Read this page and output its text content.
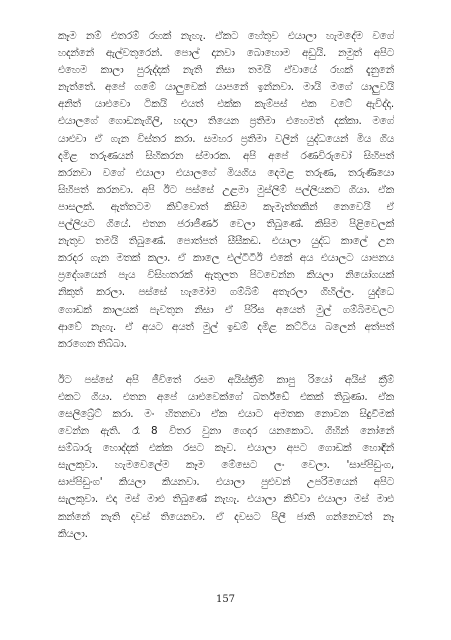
කෑම නම් එතරම් රහක් නැහැ. ඒකට හේතුව එයාලා හැමදේම වගේ
හදන්නේ ඇල්වතුරෙන්. පොල් දානවා බොහොම අඩුයි. නමුත් අපිට
එහෙම කාලා පුරුද්දක් නැති නිසා තමයි ඒවායේ රහක් දැනුනේ
නැත්තේ. අපේ ගමේ යාලුවෙක් යාපනේ ඉන්නවා. මායි මගේ යාලුවයි
අනිත් යාළුවො ටිකයි එයත් එක්ක කැම්පස් එක වටේ ඇවිද්දා.
එයාලගේ ගොඩනැගිලි, හදලා තියෙන ප්‍රතිමා එහෙමත් දක්කා. මගේ
යාළුවා ඒ ගැන විස්තර කරා. සමහර ප්‍රතිමා වලින් යුද්ධයෙන් මිය ගිය
දමිළ තරුණයන් සිහිකරන ස්මාරක. අපි අපේ රණවිරුවෝ සිහිපත්
කරනවා වගේ එයාලා එයාලගේ මියගිය දෙමළ තරුණ, තරුණියො
සිහිපත් කරනවා. අපි ඊට පස්සේ උළමා මුස්ලිම් පල්ලියකට ගියා. ඒක
පාසලක්. ඇත්තටම කිව්වොත් කිසිම කැමැත්තකින් නෙවෙයි ඒ
පල්ලියට ගියේ. එතන ජරාජීර්ණ වෙලා තිබුණේ. කිසිම පිළිවෙලක්
නැතුව තමයි තිබුණේ. පොත්පත් සීසීකඩ. එයාලා යුද්ධ කාලේ උන
කරදර ගැන මතක් කලා. ඒ කාලෙ එල්ටීටීඊ එකේ අය එයාලට යාපනය
ප්‍රදේශයෙන් පැය විසිහතරක් ඇතුලත පිටවෙන්න කියලා නියෝගයක්
නිකුත් කරලා. පස්සේ හැමෝම ගම්බිම් අතැරලා ගිහිල්ල. යුද්ධෙ
ගොඩක් කාලයක් පැවතුන නිසා ඒ පිරිස අයෙත් මුල් ගම්බිමවලට
ආවේ නැහැ. ඒ අයට අයත් මුල් ඉඩම් දමිළ කට්ටිය බලෙන් අත්පත්
කරගෙන තිබ්බා.
ඊට පස්සේ අපි ජීවිතේ රසම අයිස්ක්‍රීම් කාපු රියෝ අයිස් ක්‍රීම්
එකට ගියා. එතන අපේ යාළුවෙක්ගේ බර්ත්ඩේ එකක් තිබුණා. ඒක
සෙලිබ්‍රේට් කරා. මං හිතනවා ඒක එයාට අමතක නොවන සිදුවීමක්
වෙන්න ඇති. රෑ 8 විතර වුනා ගෙදර යනකොට. ගිහින් නෝනේ
සම්බාරු හොද්දක් එක්ක රසට කෑව. එයාලා අපට ගොඩක් හොඳින්
සැලකුවා. හැමවෙලේම කෑම මේසෙට ලං වෙලා. 'සාප්පිඩුංග,
සාප්පිඩුංග' කියලා කියනවා. එයාලා පුළුවන් උපරිමයෙන් අපිට
සැලකුවා. එදා මස් මාළු තිබුණේ නැහැ. එයාලා කිව්වා එයාලා මස් මාළු
කන්නේ නැති දවස් තියෙනවා. ඒ දවසට පිලී ජාති ගන්නෙවත් නෑ
කියලා.
157
